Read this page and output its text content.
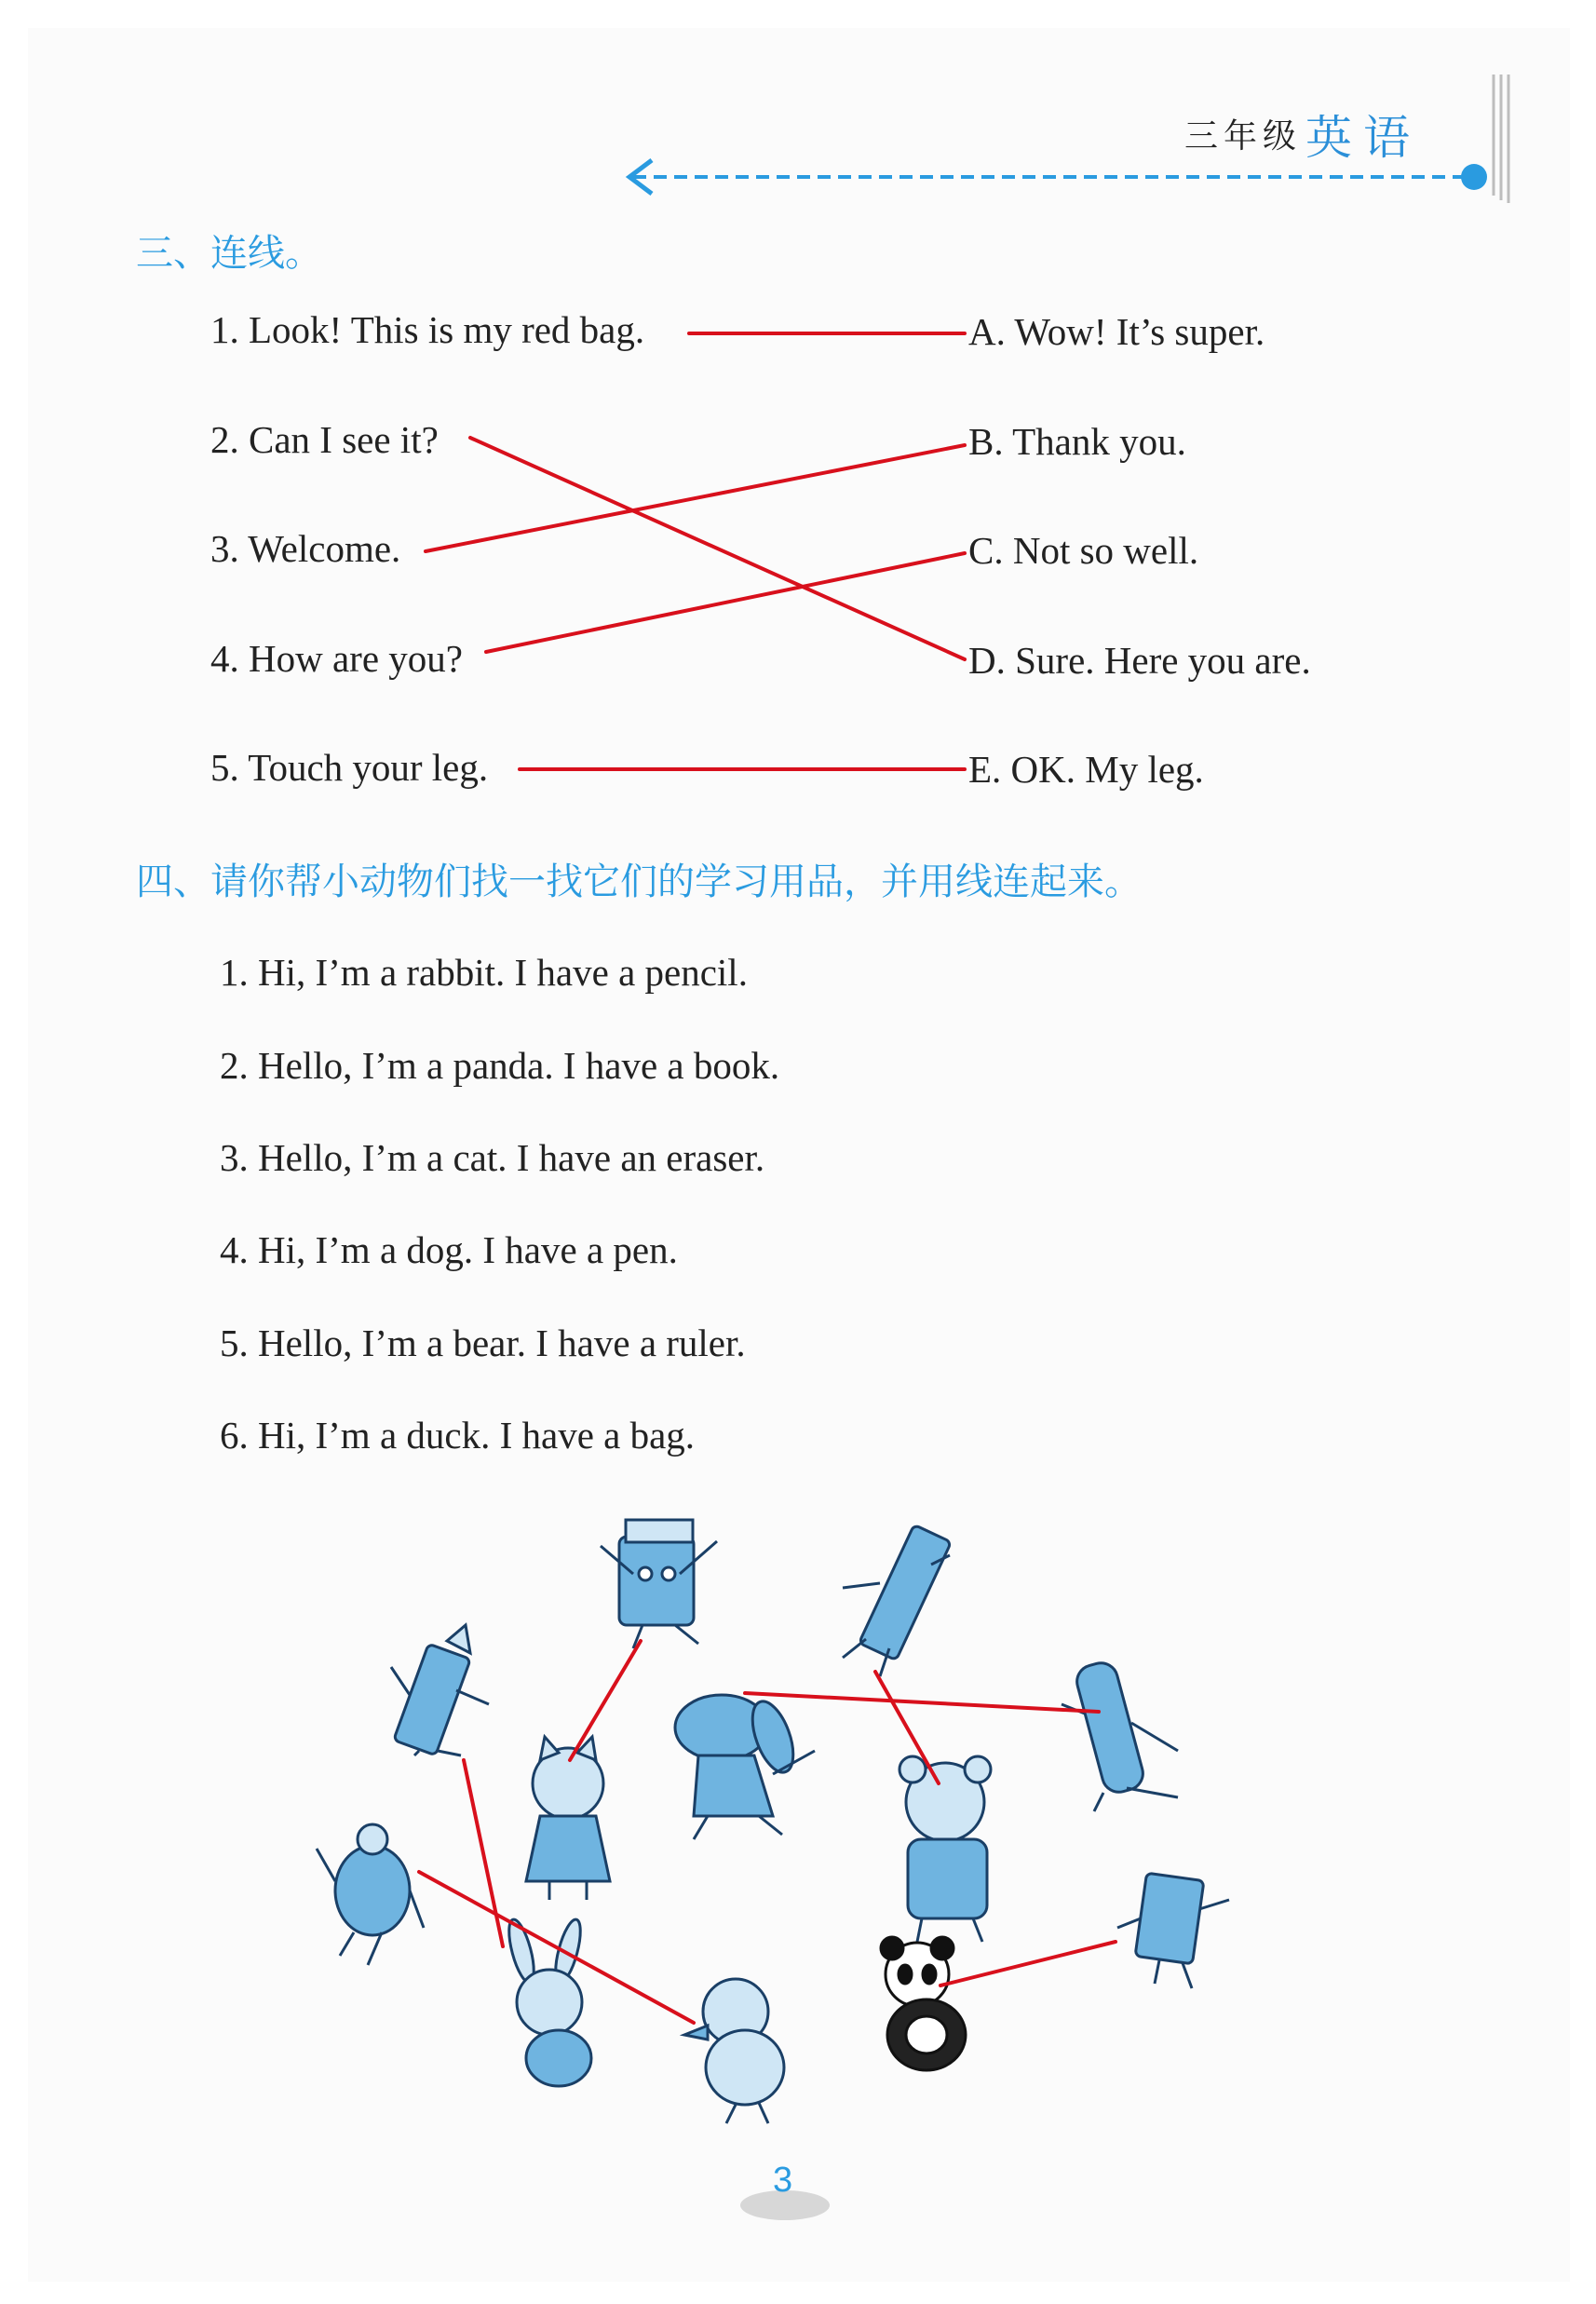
三年级 英语
三、连线。
1. Look! This is my red bag.
2. Can I see it?
3. Welcome.
4. How are you?
5. Touch your leg.
A. Wow! It’s super.
B. Thank you.
C. Not so well.
D. Sure. Here you are.
E. OK. My leg.
四、请你帮小动物们找一找它们的学习用品，并用线连起来。
1. Hi, I’m a rabbit. I have a pencil.
2. Hello, I’m a panda. I have a book.
3. Hello, I’m a cat. I have an eraser.
4. Hi, I’m a dog. I have a pen.
5. Hello, I’m a bear. I have a ruler.
6. Hi, I’m a duck. I have a bag.
3
